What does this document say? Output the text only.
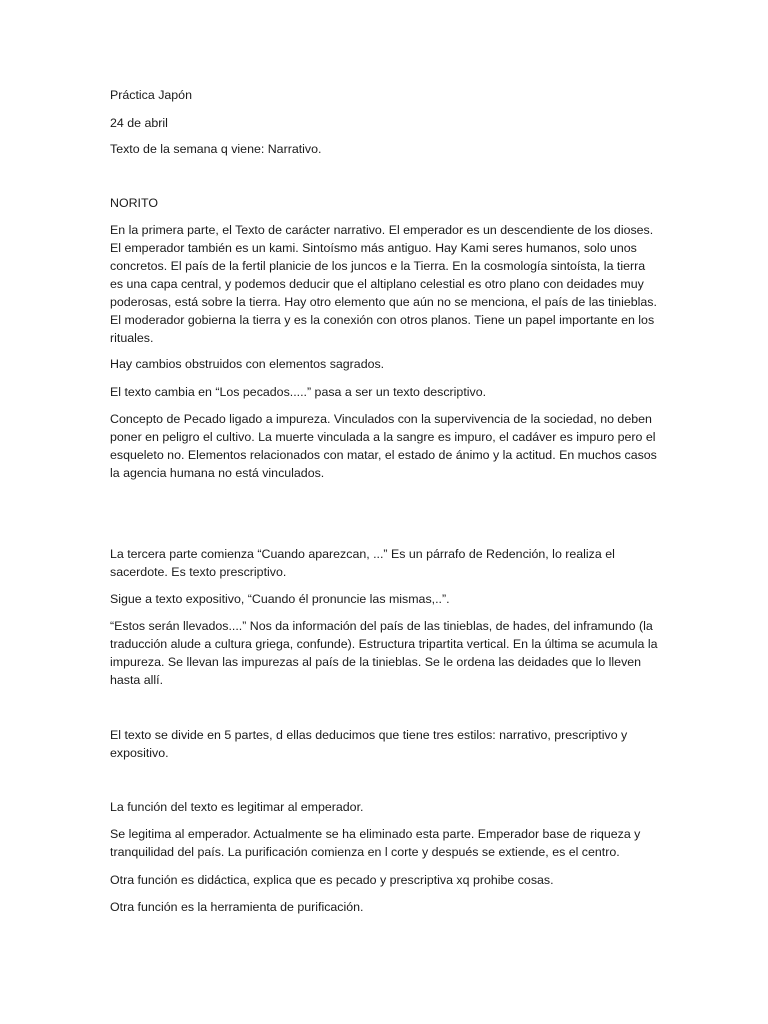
Práctica Japón

24 de abril

Texto de la semana q viene: Narrativo.

NORITO

En la primera parte, el Texto de carácter narrativo. El emperador es un descendiente de los dioses. El emperador también es un kami. Sintoísmo más antiguo. Hay Kami seres humanos, solo unos concretos. El país de la fertil planicie de los juncos e la Tierra. En la cosmología sintoísta, la tierra es una capa central, y podemos deducir que el altiplano celestial es otro plano con deidades muy poderosas, está sobre la tierra. Hay otro elemento que aún no se menciona, el país de las tinieblas. El moderador gobierna la tierra y es la conexión con otros planos. Tiene un papel importante en los rituales.

Hay cambios obstruidos con elementos sagrados.

El texto cambia en “Los pecados.....” pasa a ser un texto descriptivo.

Concepto de Pecado ligado a impureza. Vinculados con la supervivencia de la sociedad, no deben poner en peligro el cultivo. La muerte vinculada a la sangre es impuro, el cadáver es impuro pero el esqueleto no. Elementos relacionados con matar, el estado de ánimo y la actitud. En muchos casos la agencia humana no está vinculados.

La tercera parte comienza “Cuando aparezcan, ...” Es un párrafo de Redención, lo realiza el sacerdote. Es texto prescriptivo.

Sigue a texto expositivo, “Cuando él pronuncie las mismas,..”.

“Estos serán llevados....” Nos da información del país de las tinieblas, de hades, del inframundo (la traducción alude a cultura griega, confunde). Estructura tripartita vertical. En la última se acumula la impureza. Se llevan las impurezas al país de la tinieblas. Se le ordena las deidades que lo lleven hasta allí.

El texto se divide en 5 partes, d ellas deducimos que tiene tres estilos: narrativo, prescriptivo y expositivo.

La función del texto es legitimar al emperador.

Se legitima al emperador. Actualmente se ha eliminado esta parte. Emperador base de riqueza y tranquilidad del país. La purificación comienza en l corte y después se extiende, es el centro.

Otra función es didáctica, explica que es pecado y prescriptiva xq prohibe cosas.

Otra función es la herramienta de purificación.
